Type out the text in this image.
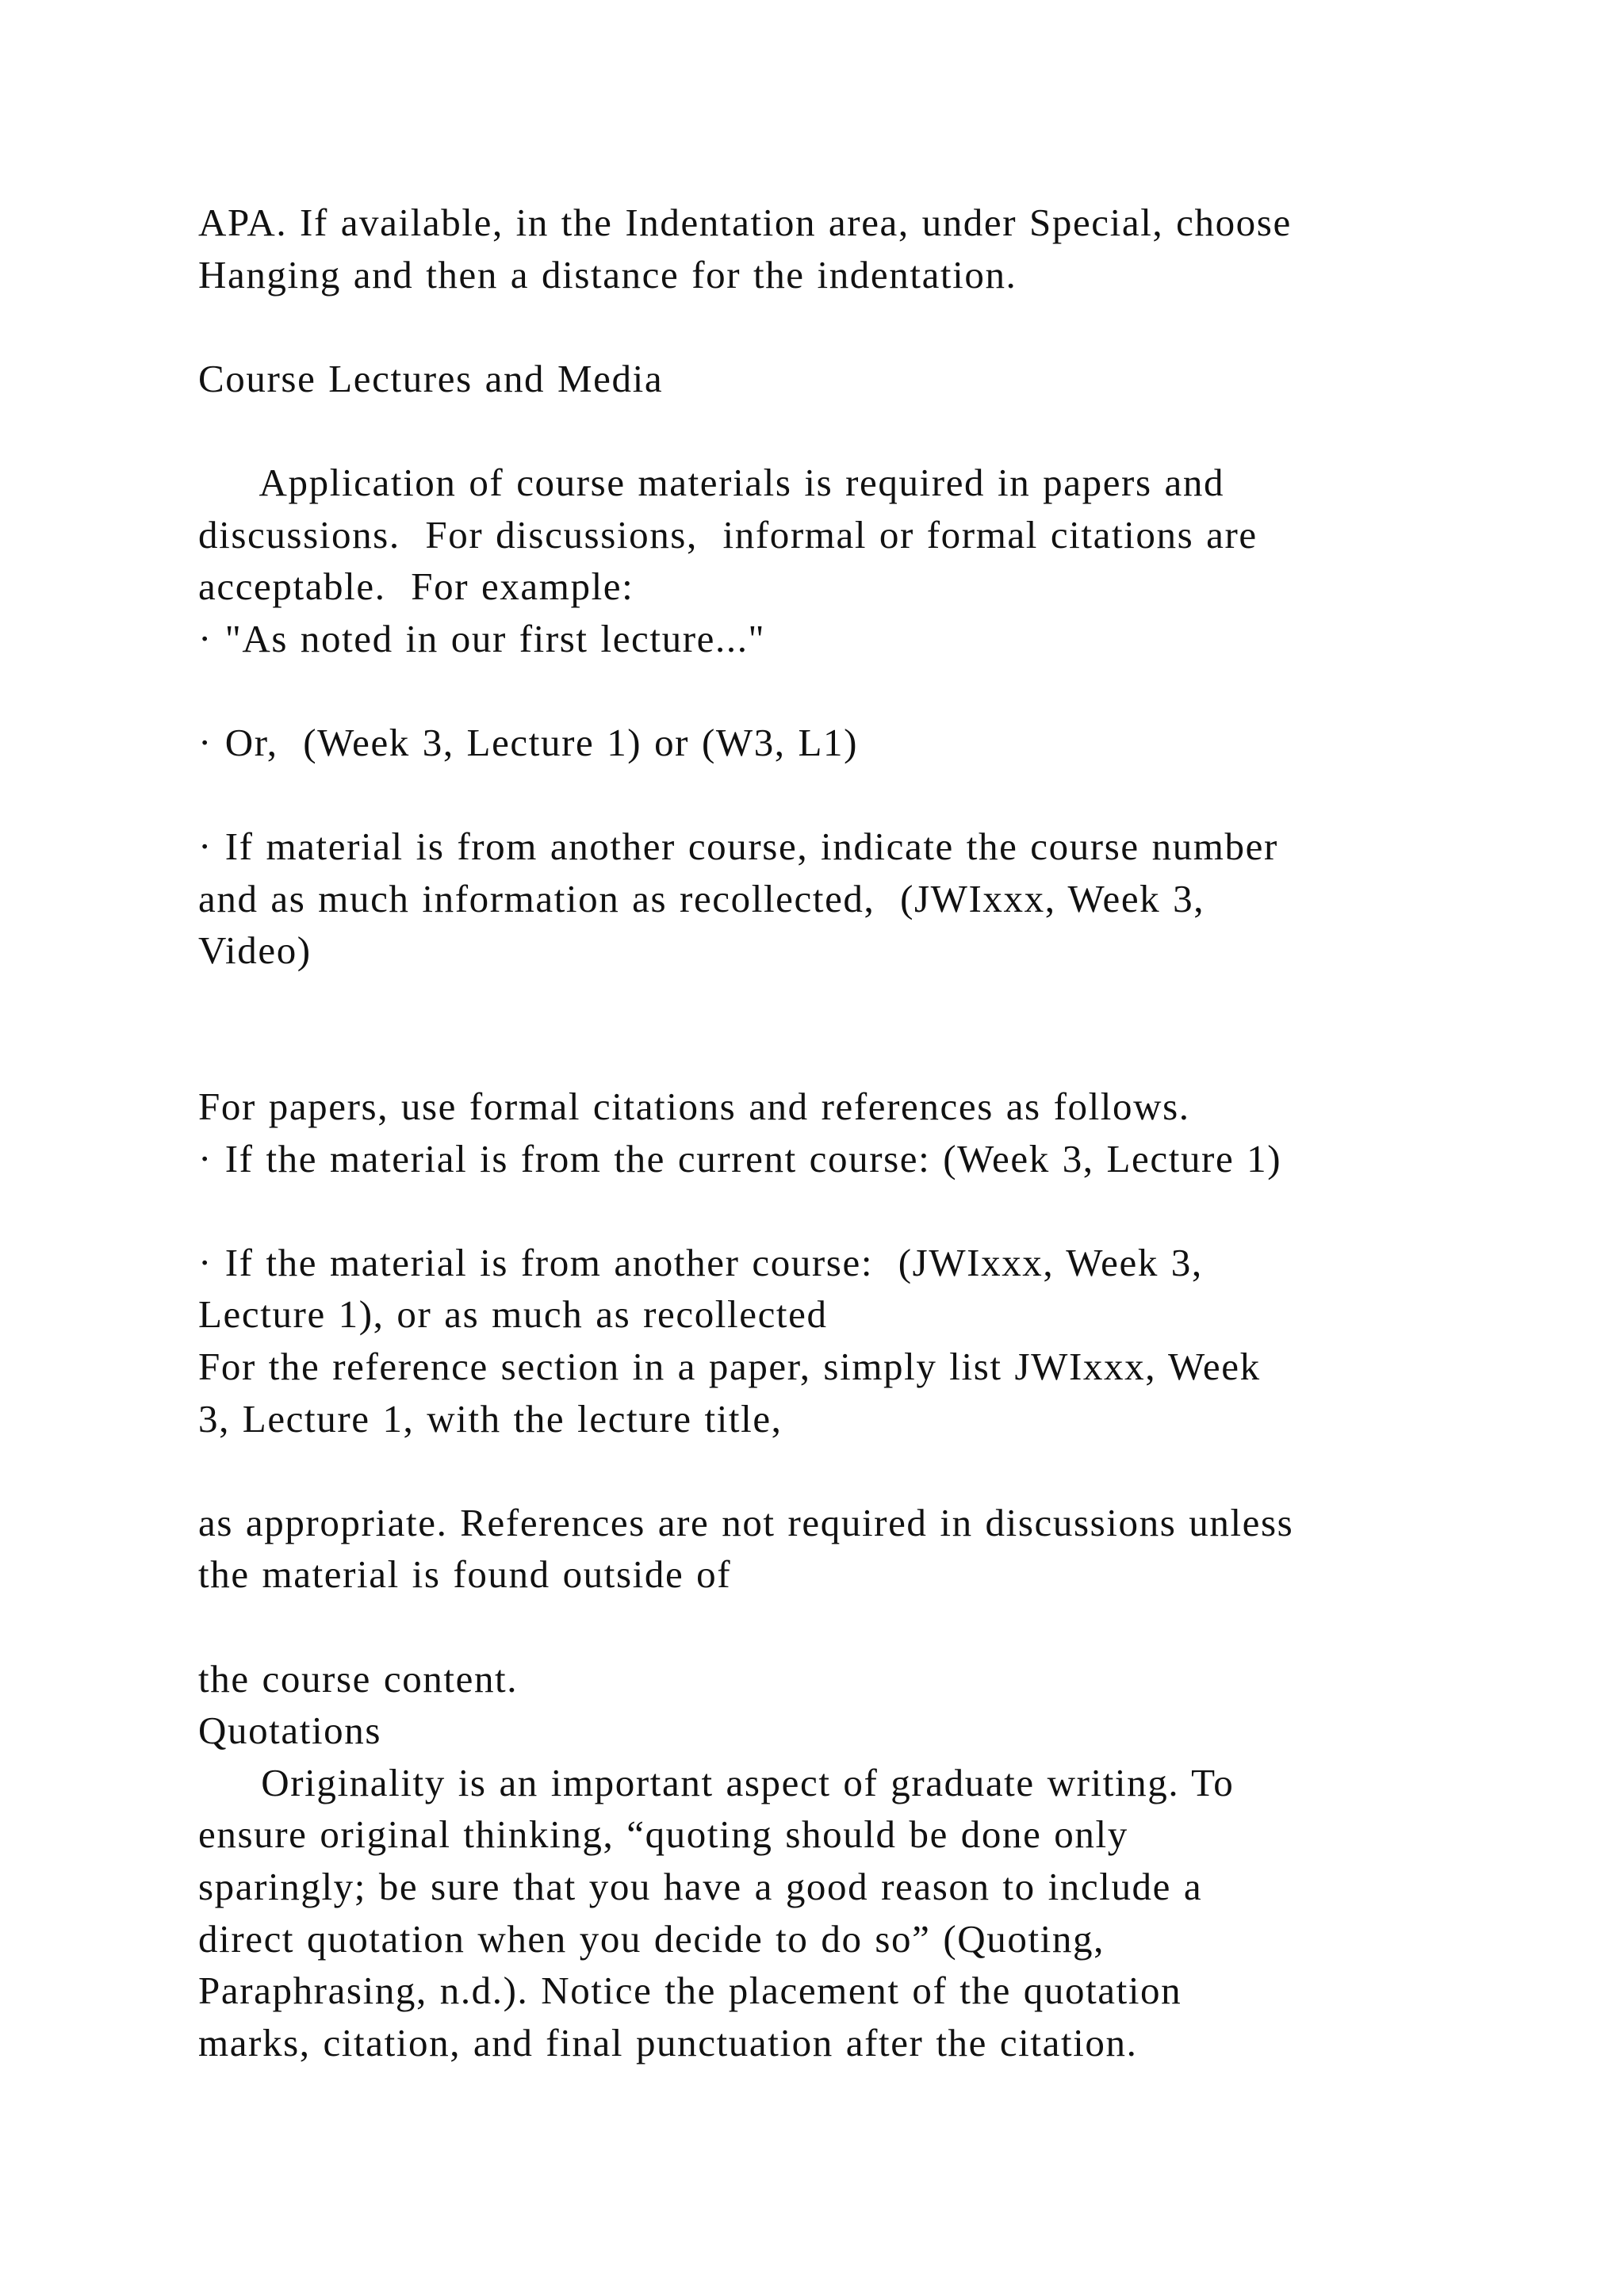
APA. If available, in the Indentation area, under Special, choose
Hanging and then a distance for the indentation.
Course Lectures and Media
Application of course materials is required in papers and
discussions.  For discussions,  informal or formal citations are
acceptable.  For example:
· "As noted in our first lecture..."
· Or,  (Week 3, Lecture 1) or (W3, L1)
· If material is from another course, indicate the course number
and as much information as recollected,  (JWIxxx, Week 3,
Video)
For papers, use formal citations and references as follows.
· If the material is from the current course: (Week 3, Lecture 1)
· If the material is from another course:  (JWIxxx, Week 3,
Lecture 1), or as much as recollected
For the reference section in a paper, simply list JWIxxx, Week
3, Lecture 1, with the lecture title,
as appropriate. References are not required in discussions unless
the material is found outside of
the course content.
Quotations
Originality is an important aspect of graduate writing. To
ensure original thinking, “quoting should be done only
sparingly; be sure that you have a good reason to include a
direct quotation when you decide to do so” (Quoting,
Paraphrasing, n.d.). Notice the placement of the quotation
marks, citation, and final punctuation after the citation.
